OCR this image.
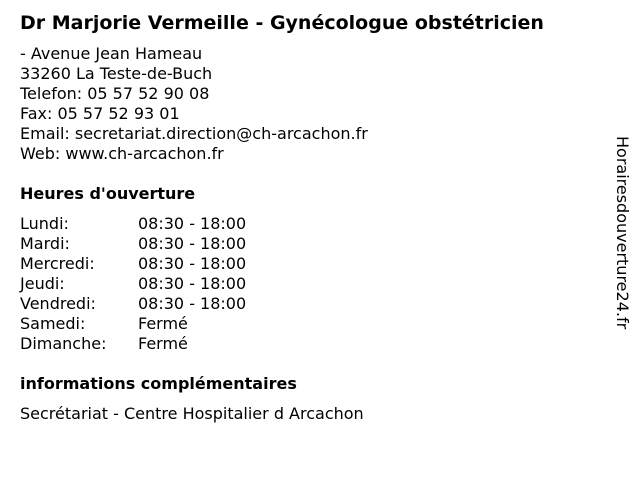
Dr Marjorie Vermeille - Gynécologue obstétricien
- Avenue Jean Hameau
33260 La Teste-de-Buch
Telefon: 05 57 52 90 08
Fax: 05 57 52 93 01
Email: secretariat.direction@ch-arcachon.fr
Web: www.ch-arcachon.fr
Heures d'ouverture
Lundi:	08:30 - 18:00
Mardi:	08:30 - 18:00
Mercredi:	08:30 - 18:00
Jeudi:	08:30 - 18:00
Vendredi:	08:30 - 18:00
Samedi:	Fermé
Dimanche:	Fermé
informations complémentaires
Secrétariat - Centre Hospitalier d Arcachon
Horairesdouverture24.fr
